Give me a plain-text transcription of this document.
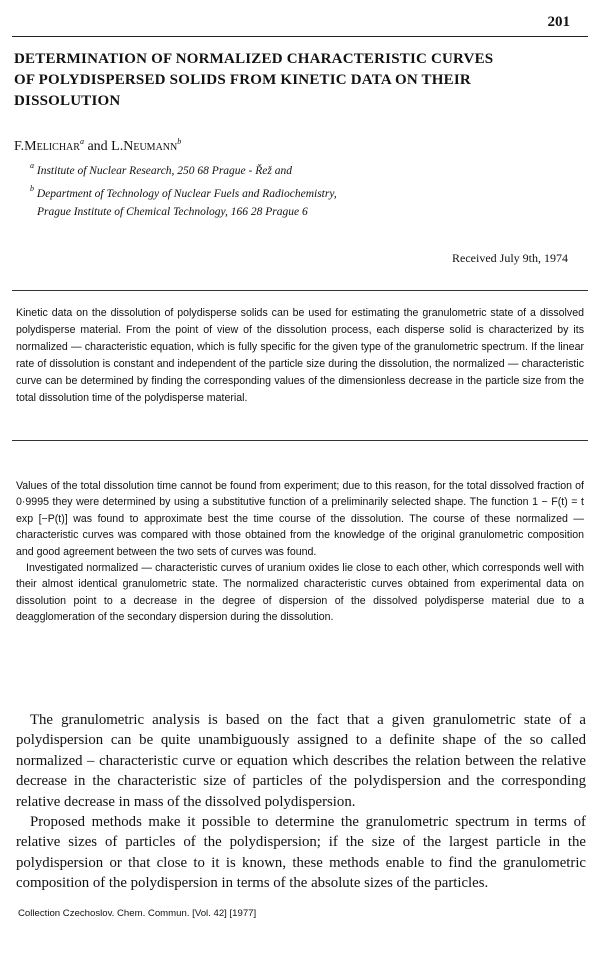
201
DETERMINATION OF NORMALIZED CHARACTERISTIC CURVES
OF POLYDISPERSED SOLIDS FROM KINETIC DATA ON THEIR
DISSOLUTION
F.Melichar$^a$ and L.Neumann$^b$
$^a$ Institute of Nuclear Research, 250 68 Prague - Řež and
$^b$ Department of Technology of Nuclear Fuels and Radiochemistry,
Prague Institute of Chemical Technology, 166 28 Prague 6
Received July 9th, 1974

Kinetic data on the dissolution of polydisperse solids can be used for estimating the granulometric state of a dissolved polydisperse material. From the point of view of the dissolution process, each disperse solid is characterized by its normalized — characteristic equation, which is fully specific for the given type of the granulometric spectrum. If the linear rate of dissolution is constant and independent of the particle size during the dissolution, the normalized — characteristic curve can be determined by finding the corresponding values of the dimensionless decrease in the particle size from the total dissolution time of the polydisperse material.

Values of the total dissolution time cannot be found from experiment; due to this reason, for the total dissolved fraction of 0·9995 they were determined by using a substitutive function of a preliminarily selected shape. The function 1 − F(t) = t exp [−P(t)] was found to approximate best the time course of the dissolution. The course of these normalized — characteristic curves was compared with those obtained from the knowledge of the original granulometric composition and good agreement between the two sets of curves was found.

Investigated normalized — characteristic curves of uranium oxides lie close to each other, which corresponds well with their almost identical granulometric state. The normalized characteristic curves obtained from experimental data on dissolution point to a decrease in the degree of dispersion of the dissolved polydisperse material due to a deagglomeration of the secondary dispersion during the dissolution.

The granulometric analysis is based on the fact that a given granulometric state of a polydispersion can be quite unambiguously assigned to a definite shape of the so called normalized – characteristic curve or equation which describes the relation between the relative decrease in the characteristic size of particles of the polydispersion and the corresponding relative decrease in mass of the dissolved polydispersion.

Proposed methods make it possible to determine the granulometric spectrum in terms of relative sizes of particles of the polydispersion; if the size of the largest particle in the polydispersion or that close to it is known, these methods enable to find the granulometric composition of the polydispersion in terms of the absolute sizes of the particles.

Collection Czechoslov. Chem. Commun. [Vol. 42] [1977]
